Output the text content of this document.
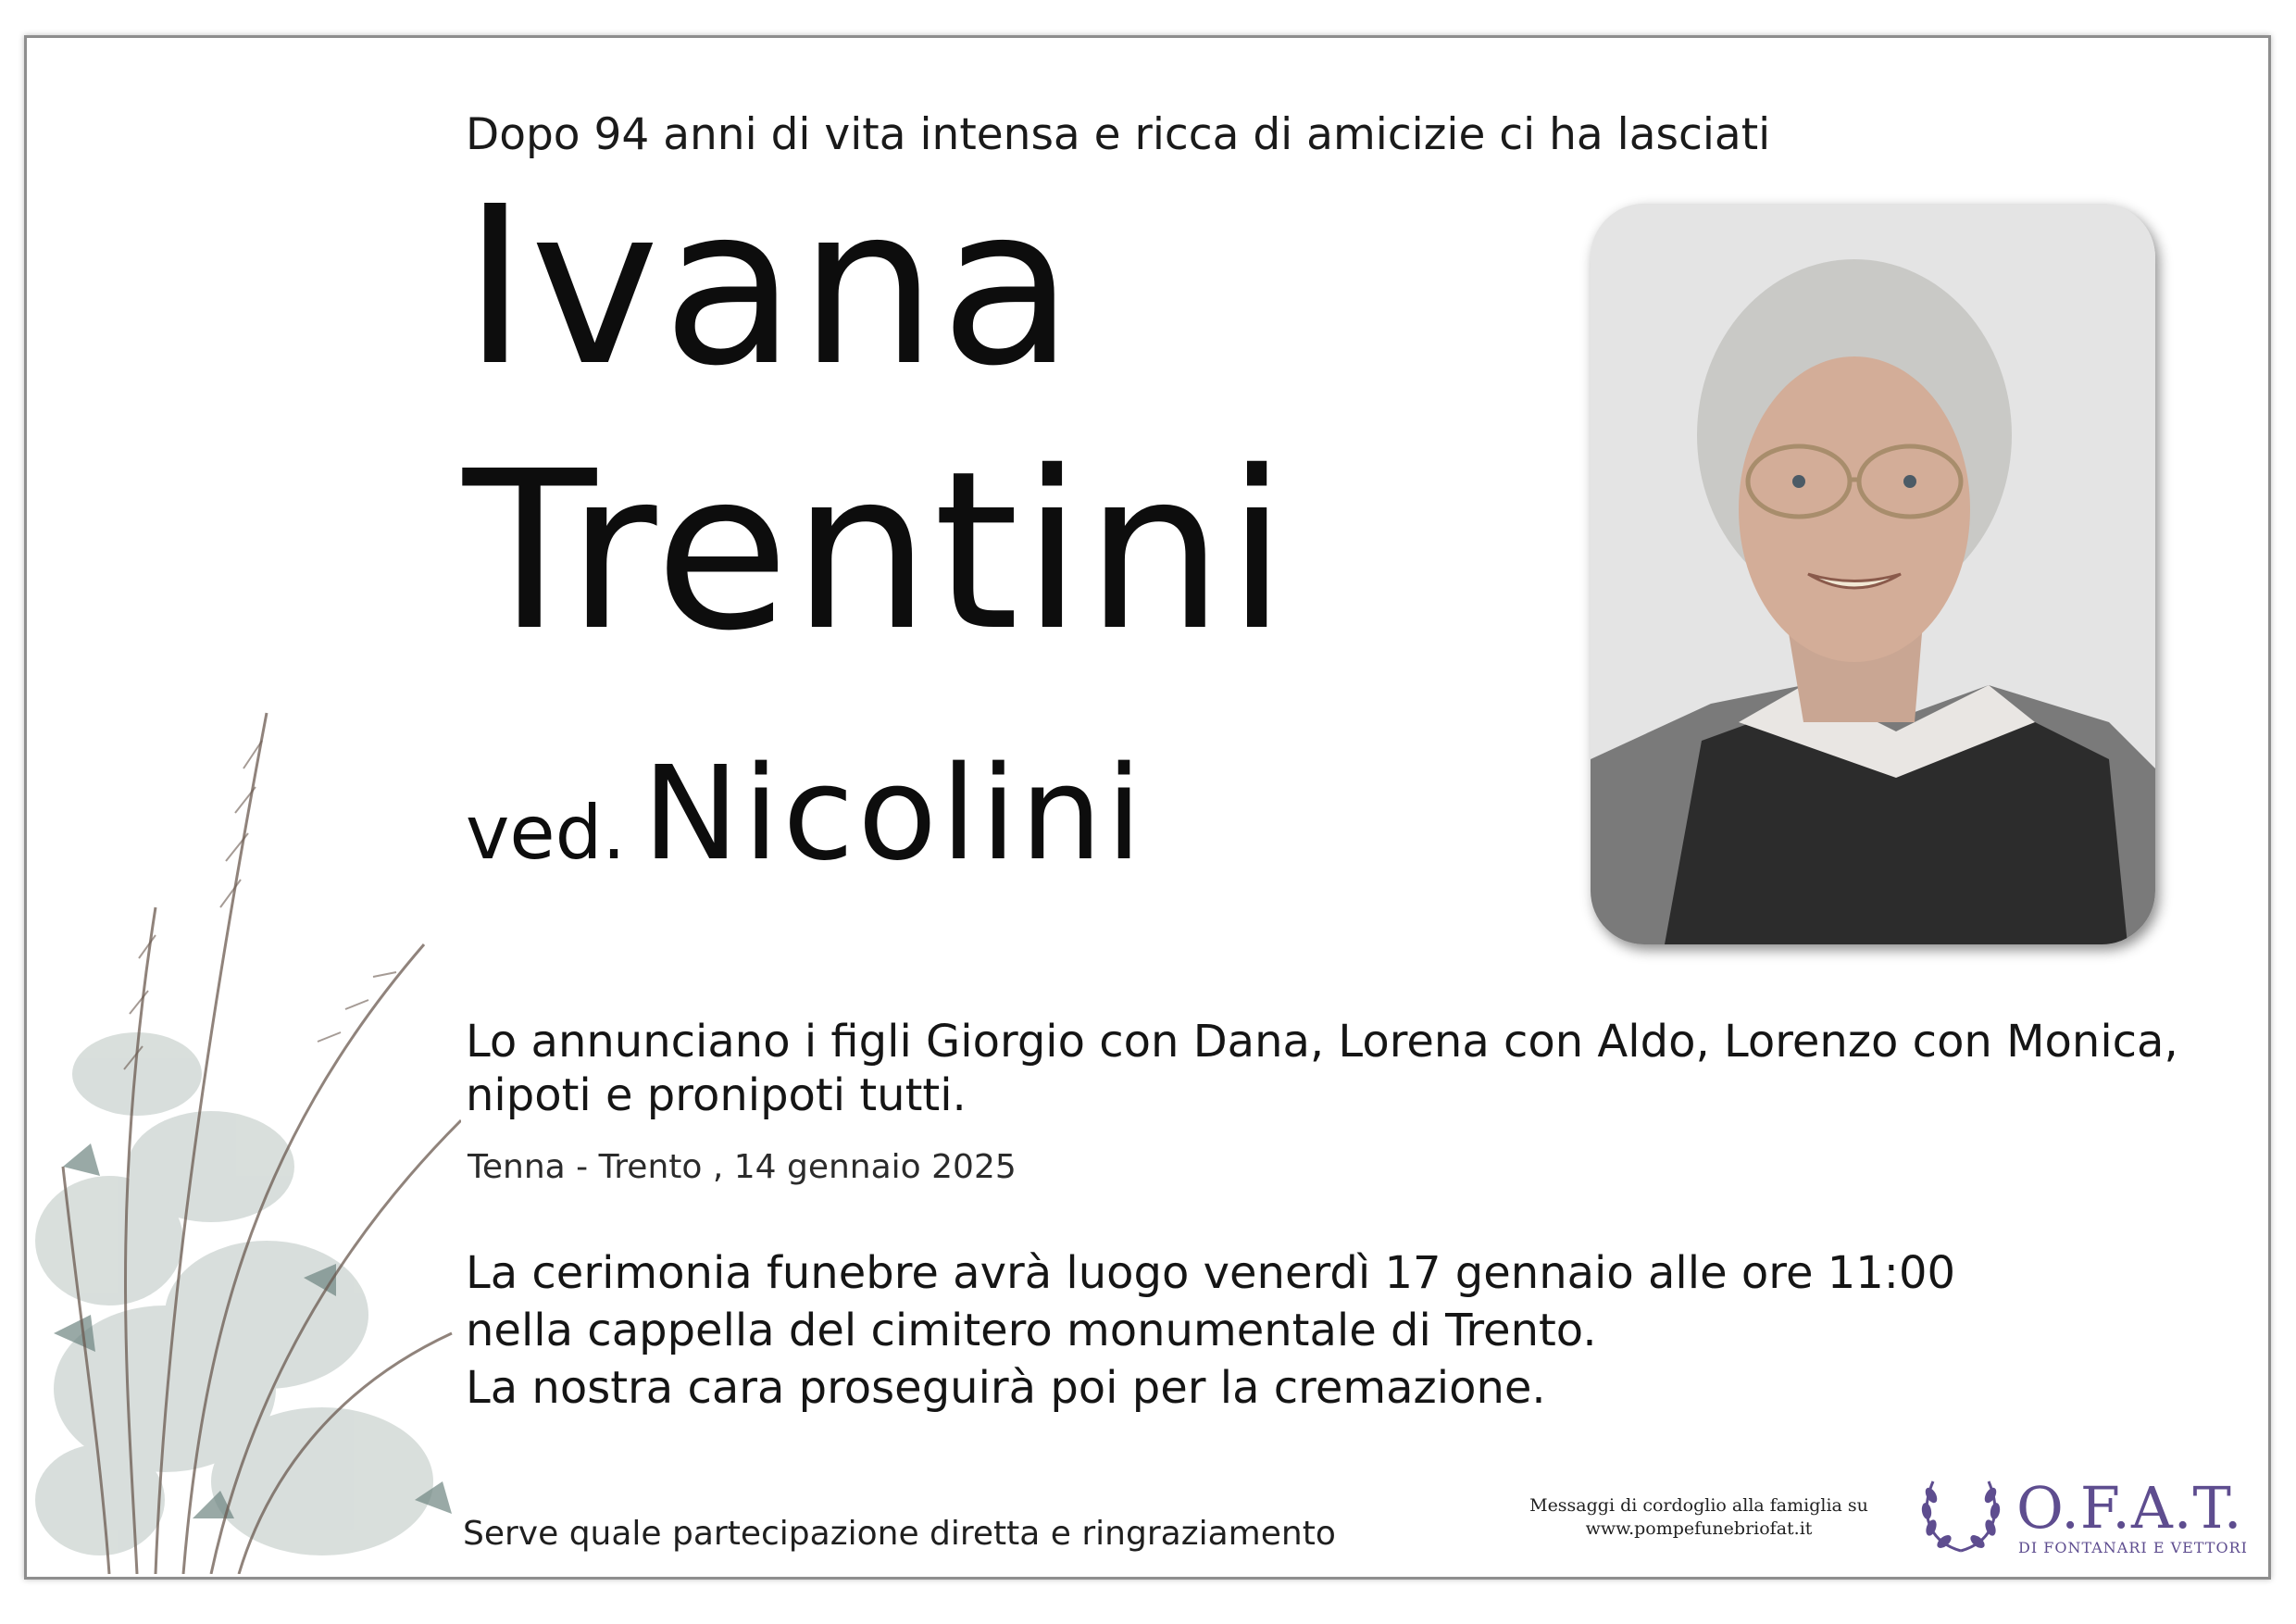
Dopo 94 anni di vita intensa e ricca di amicizie ci ha lasciati
Ivana
Trentini
ved. Nicolini
Lo annunciano i figli Giorgio con Dana, Lorena con Aldo, Lorenzo con Monica,
nipoti e pronipoti tutti.
Tenna - Trento , 14 gennaio 2025
La cerimonia funebre avrà luogo venerdì 17 gennaio alle ore 11:00
nella cappella del cimitero monumentale di Trento.
La nostra cara proseguirà poi per la cremazione.
Serve quale partecipazione diretta e ringraziamento
Messaggi di cordoglio alla famiglia su
www.pompefunebriofat.it	O.F.A.T.
DI FONTANARI E VETTORI
